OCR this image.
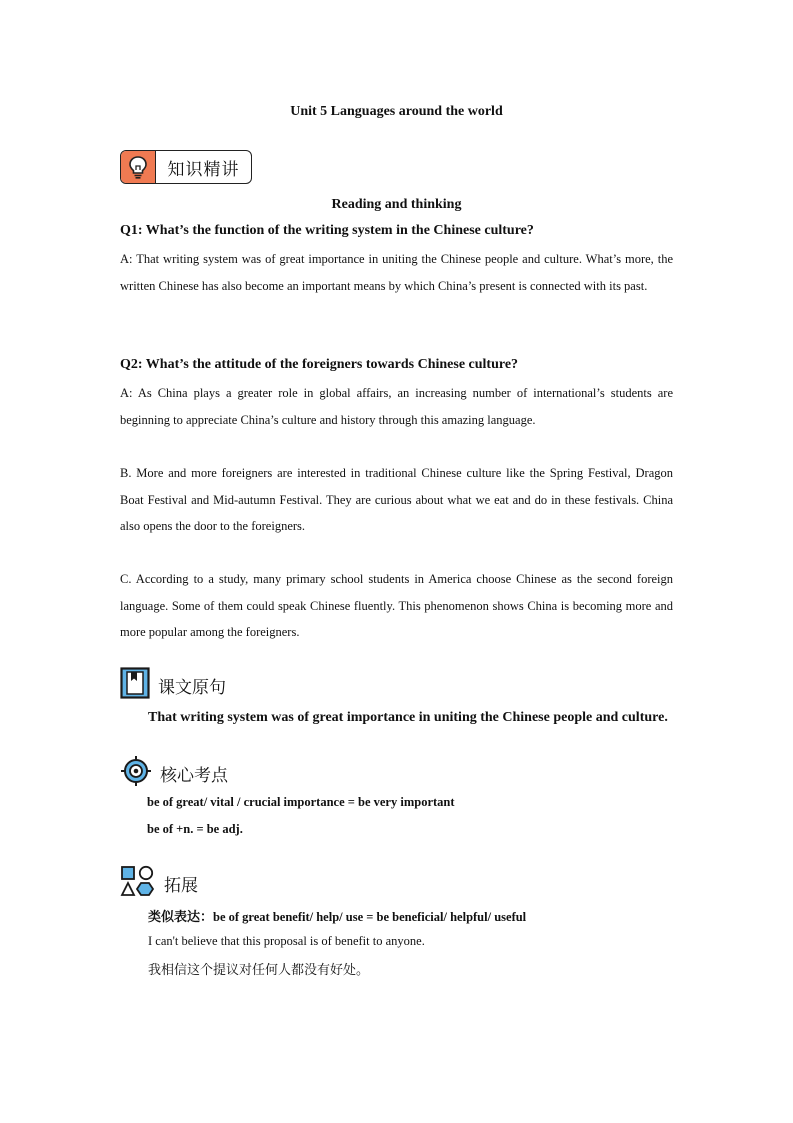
Unit 5 Languages around the world
知识精讲
Reading and thinking
Q1: What’s the function of the writing system in the Chinese culture?
A: That writing system was of great importance in uniting the Chinese people and culture. What’s more, the written Chinese has also become an important means by which China’s present is connected with its past.
Q2: What’s the attitude of the foreigners towards Chinese culture?
A: As China plays a greater role in global affairs, an increasing number of international’s students are beginning to appreciate China’s culture and history through this amazing language.
B. More and more foreigners are interested in traditional Chinese culture like the Spring Festival, Dragon Boat Festival and Mid-autumn Festival. They are curious about what we eat and do in these festivals. China also opens the door to the foreigners.
C. According to a study, many primary school students in America choose Chinese as the second foreign language. Some of them could speak Chinese fluently. This phenomenon shows China is becoming more and more popular among the foreigners.
课文原句
That writing system was of great importance in uniting the Chinese people and culture.
核心考点
be of great/ vital / crucial importance = be very important
be of +n. = be adj.
拓展
类似表达：be of great benefit/ help/ use = be beneficial/ helpful/ useful
I can't believe that this proposal is of benefit to anyone.
我相信这个提议对任何人都没有好处。
